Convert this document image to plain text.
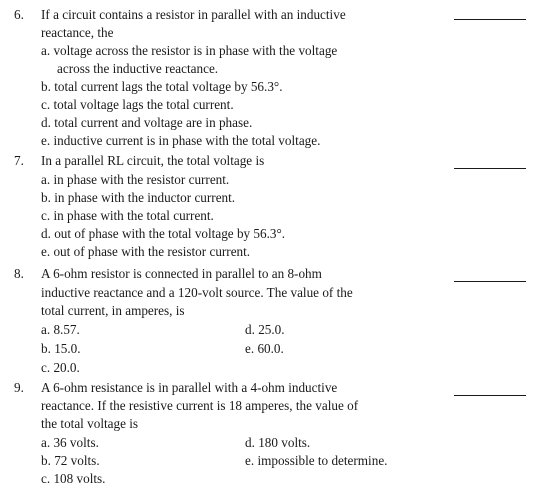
6. If a circuit contains a resistor in parallel with an inductive
reactance, the
a. voltage across the resistor is in phase with the voltage
across the inductive reactance.
b. total current lags the total voltage by 56.3°.
c. total voltage lags the total current.
d. total current and voltage are in phase.
e. inductive current is in phase with the total voltage.
7. In a parallel RL circuit, the total voltage is
a. in phase with the resistor current.
b. in phase with the inductor current.
c. in phase with the total current.
d. out of phase with the total voltage by 56.3°.
e. out of phase with the resistor current.
8. A 6-ohm resistor is connected in parallel to an 8-ohm
inductive reactance and a 120-volt source. The value of the
total current, in amperes, is
a. 8.57.
b. 15.0.
c. 20.0.
d. 25.0.
e. 60.0.
9. A 6-ohm resistance is in parallel with a 4-ohm inductive
reactance. If the resistive current is 18 amperes, the value of
the total voltage is
a. 36 volts.
b. 72 volts.
c. 108 volts.
d. 180 volts.
e. impossible to determine.
